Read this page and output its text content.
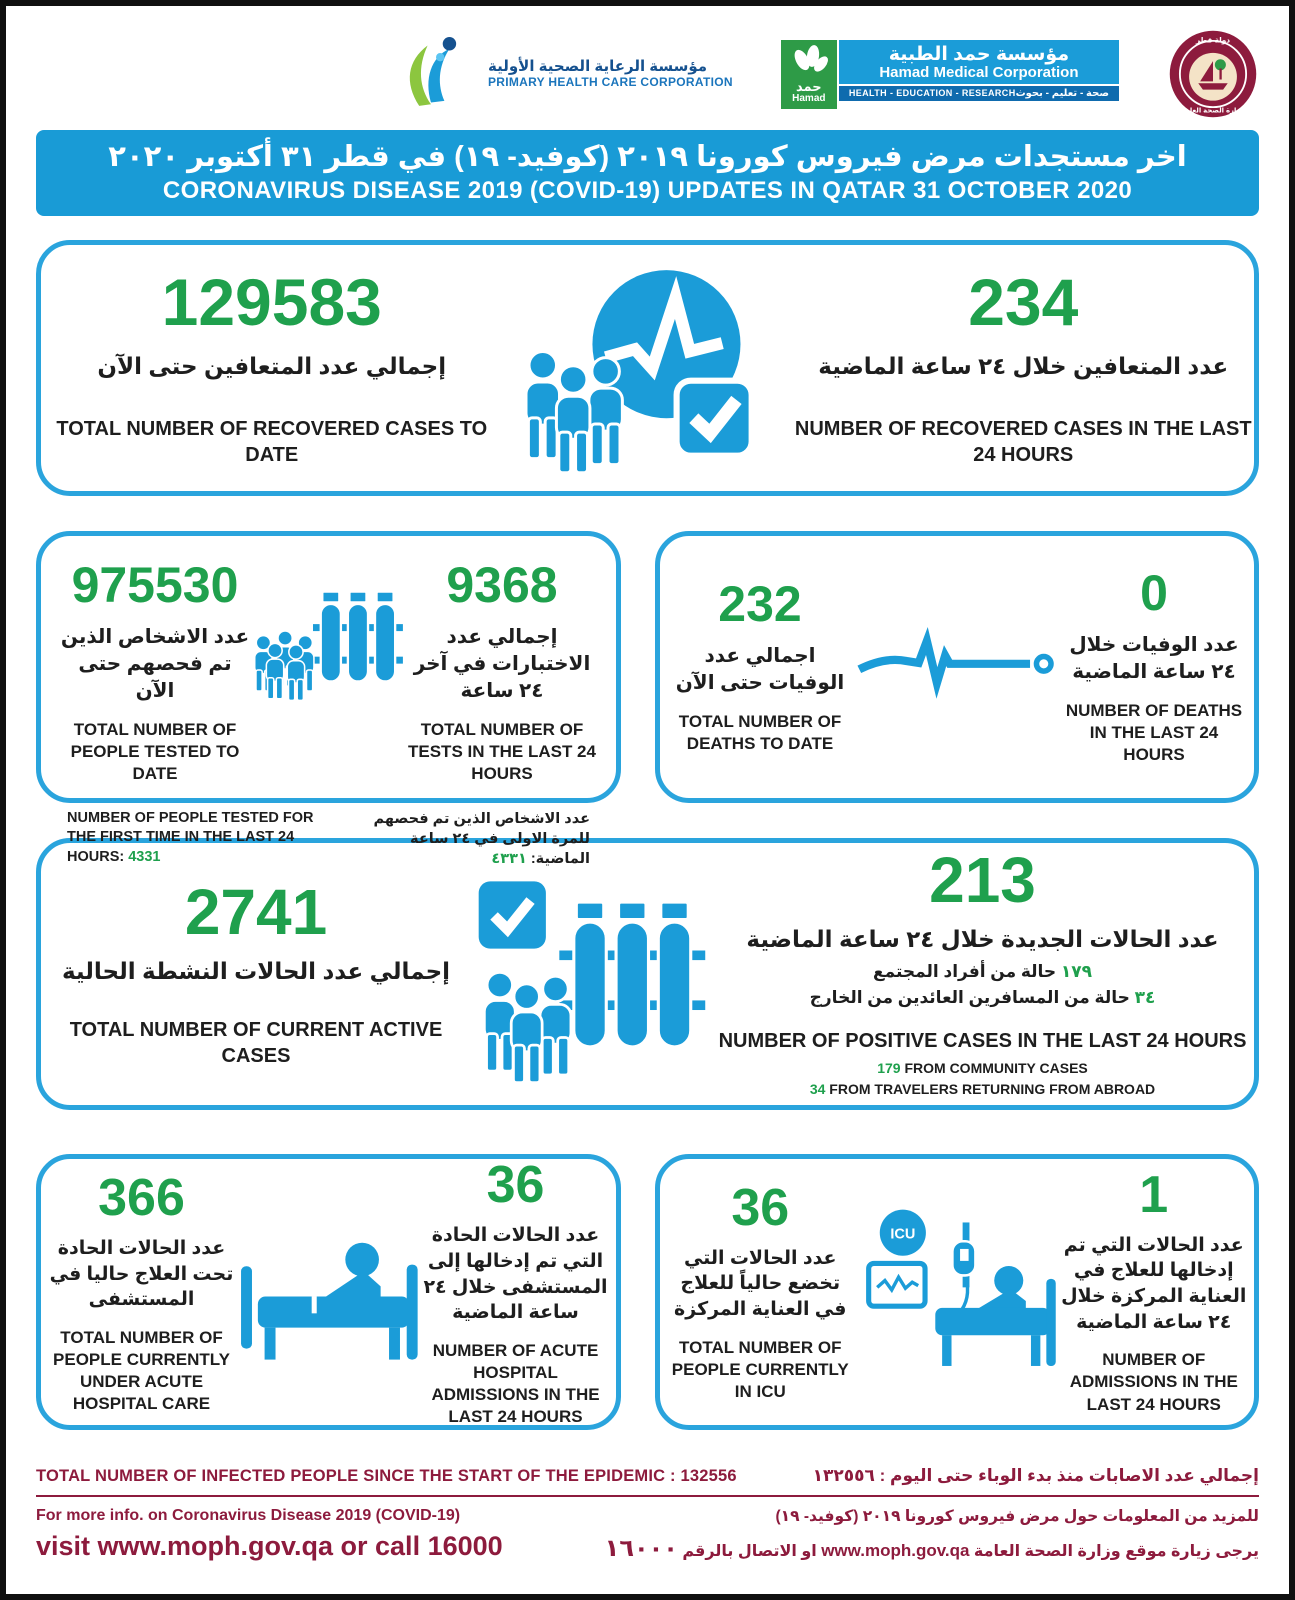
مؤسسة الرعاية الصحية الأولية
PRIMARY HEALTH CARE CORPORATION	حمد
Hamad
مؤسسة حمد الطبية
Hamad Medical Corporation
HEALTH - EDUCATION - RESEARCH صحة - تعليم - بحوث
دولة قطر
وزارة الصحة العامة
اخر مستجدات مرض فيروس كورونا ٢٠١٩ (كوفيد- ١٩) في قطر ٣١ أكتوبر ٢٠٢٠
CORONAVIRUS DISEASE 2019 (COVID-19) UPDATES IN QATAR 31 OCTOBER 2020
129583
إجمالي عدد المتعافين حتى الآن
TOTAL NUMBER OF RECOVERED CASES TO DATE
234
عدد المتعافين خلال ٢٤ ساعة الماضية
NUMBER OF RECOVERED CASES IN THE LAST 24 HOURS
975530
عدد الاشخاص الذين تم فحصهم حتى الآن
TOTAL NUMBER OF PEOPLE TESTED TO DATE
9368
إجمالي عدد الاختبارات في آخر ٢٤ ساعة
TOTAL NUMBER OF TESTS IN THE LAST 24 HOURS
NUMBER OF PEOPLE TESTED FOR THE FIRST TIME IN THE LAST 24 HOURS: 4331
عدد الاشخاص الذين تم فحصهم للمرة الاولى في ٢٤ ساعة الماضية: ٤٣٣١
232
اجمالي عدد الوفيات حتى الآن
TOTAL NUMBER OF DEATHS TO DATE
0
عدد الوفيات خلال ٢٤ ساعة الماضية
NUMBER OF DEATHS IN THE LAST 24 HOURS
2741
إجمالي عدد الحالات النشطة الحالية
TOTAL NUMBER OF CURRENT ACTIVE CASES
213
عدد الحالات الجديدة خلال ٢٤ ساعة الماضية
١٧٩ حالة من أفراد المجتمع
٣٤ حالة من المسافرين العائدين من الخارج
NUMBER OF POSITIVE CASES IN THE LAST 24 HOURS
179 FROM COMMUNITY CASES
34 FROM TRAVELERS RETURNING FROM ABROAD
366
عدد الحالات الحادة تحت العلاج حاليا في المستشفى
TOTAL NUMBER OF PEOPLE CURRENTLY UNDER ACUTE HOSPITAL CARE
36
عدد الحالات الحادة التي تم إدخالها إلى المستشفى خلال ٢٤ ساعة الماضية
NUMBER OF ACUTE HOSPITAL ADMISSIONS IN THE LAST 24 HOURS
36
عدد الحالات التي تخضع حالياً للعلاج في العناية المركزة
TOTAL NUMBER OF PEOPLE CURRENTLY IN ICU
ICU
1
عدد الحالات التي تم إدخالها للعلاج في العناية المركزة خلال ٢٤ ساعة الماضية
NUMBER OF ADMISSIONS IN THE LAST 24 HOURS
TOTAL NUMBER OF INFECTED PEOPLE SINCE THE START OF THE EPIDEMIC : 132556	إجمالي عدد الاصابات منذ بدء الوباء حتى اليوم : ١٣٢٥٥٦
For more info. on Coronavirus Disease 2019 (COVID-19)
visit www.moph.gov.qa or call 16000
للمزيد من المعلومات حول مرض فيروس كورونا ٢٠١٩ (كوفيد- ١٩)
يرجى زيارة موقع وزارة الصحة العامة www.moph.gov.qa او الاتصال بالرقم ١٦٠٠٠
